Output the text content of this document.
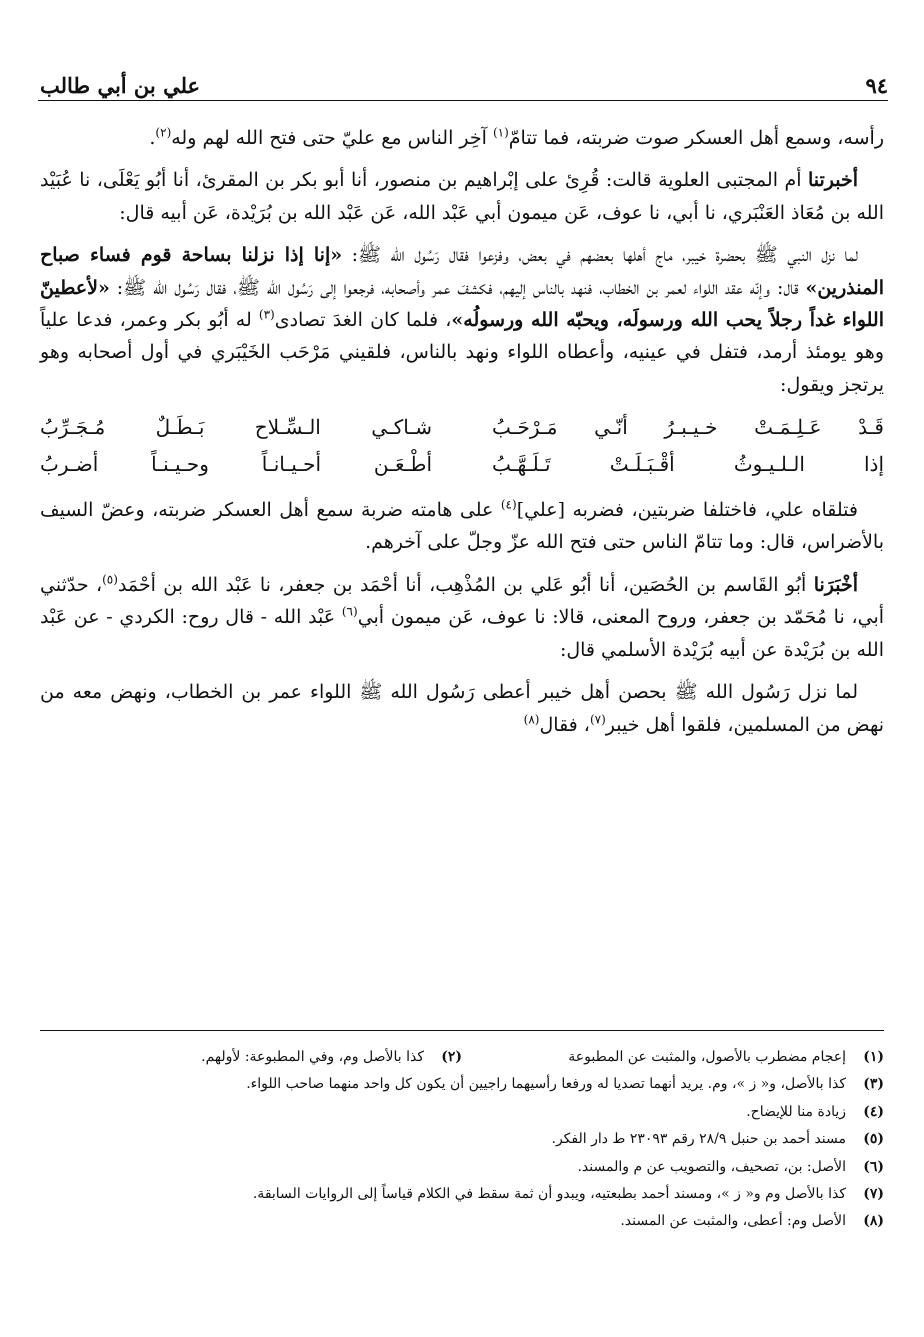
علي بن أبي طالب	٩٤

رأسه، وسمع أهل العسكر صوت ضربته، فما تتامّ$^{(١)}$ آخِر الناس مع عليّ حتى فتح الله لهم وله$^{(٢)}$.

أخبرتنا أم المجتبى العلوية قالت: قُرِئ على إبْراهيم بن منصور، أنا أبو بكر بن المقرئ، أنا أبُو يَعْلَى، نا عُبَيْد الله بن مُعَاذ العَنْبَري، نا أبي، نا عوف، عَن ميمون أبي عَبْد الله، عَن عَبْد الله بن بُرَيْدة، عَن أبيه قال:

لما نزل النبي ﷺ بحضرة خيبر، ماج أهلها بعضهم في بعض، وفزعوا فقال رَسُول الله ﷺ: «إنا إذا نزلنا بساحة قوم فساء صباح المنذرين» قال: وإنّه عقد اللواء لعمر بن الخطاب، فنهد بالناس إليهم، فكشفَ عمر وأصحابه، فرجعوا إلى رَسُول الله ﷺ، فقال رَسُول الله ﷺ: «لأعطينّ اللواء غداً رجلاً يحب الله ورسولَه، ويحبّه الله ورسولُه»، فلما كان الغدَ تصادى$^{(٣)}$ له أبُو بكر وعمر، فدعا علياً وهو يومئذ أرمد، فتفل في عينيه، وأعطاه اللواء ونهد بالناس، فلقيني مَرْحَب الخَيْبَري في أول أصحابه وهو يرتجز ويقول:

قَـدْ عَـلِـمَـتْ خـيـبـرُ أنّـي مَـرْحَـبُ
شـاكـي الـسِّـلاح بَـطَـلٌ مُـجَـرِّبُ
إذا الـلـيـوثُ أقْـبَـلَـتْ تَـلَـهَّـبُ
أطْـعَـن أحـيـانـاً وحـيـنـاً أضـربُ

فتلقاه علي، فاختلفا ضربتين، فضربه [علي]$^{(٤)}$ على هامته ضربة سمع أهل العسكر ضربته، وعضّ السيف بالأضراس، قال: وما تتامّ الناس حتى فتح الله عزّ وجلّ على آخرهم.

أخْبَرَنا أبُو القَاسم بن الحُصَين، أنا أبُو عَلي بن المُذْهِب، أنا أحْمَد بن جعفر، نا عَبْد الله بن أحْمَد$^{(٥)}$، حدّثني أبي، نا مُحَمّد بن جعفر، وروح المعنى، قالا: نا عوف، عَن ميمون أبي$^{(٦)}$ عَبْد الله - قال روح: الكردي - عن عَبْد الله بن بُرَيْدة عن أبيه بُرَيْدة الأسلمي قال:

لما نزل رَسُول الله ﷺ بحصن أهل خيبر أعطى رَسُول الله ﷺ اللواء عمر بن الخطاب، ونهض معه من نهض من المسلمين، فلقوا أهل خيبر$^{(٧)}$، فقال$^{(٨)}$

(١)
إعجام مضطرب بالأصول، والمثبت عن المطبوعة
(٢)
كذا بالأصل وم، وفي المطبوعة: لأولهم.
(٣)
كذا بالأصل، و« ز »، وم. يريد أنهما تصديا له ورفعا رأسيهما راجيين أن يكون كل واحد منهما صاحب اللواء.
(٤)
زيادة منا للإيضاح.
(٥)
مسند أحمد بن حنبل ٢٨/٩ رقم ٢٣٠٩٣ ط دار الفكر.
(٦)
الأصل: بن، تصحيف، والتصويب عن م والمسند.
(٧)
كذا بالأصل وم و« ز »، ومسند أحمد بطبعتيه، ويبدو أن ثمة سقط في الكلام قياساً إلى الروايات السابقة.
(٨)
الأصل وم: أعطى، والمثبت عن المسند.
